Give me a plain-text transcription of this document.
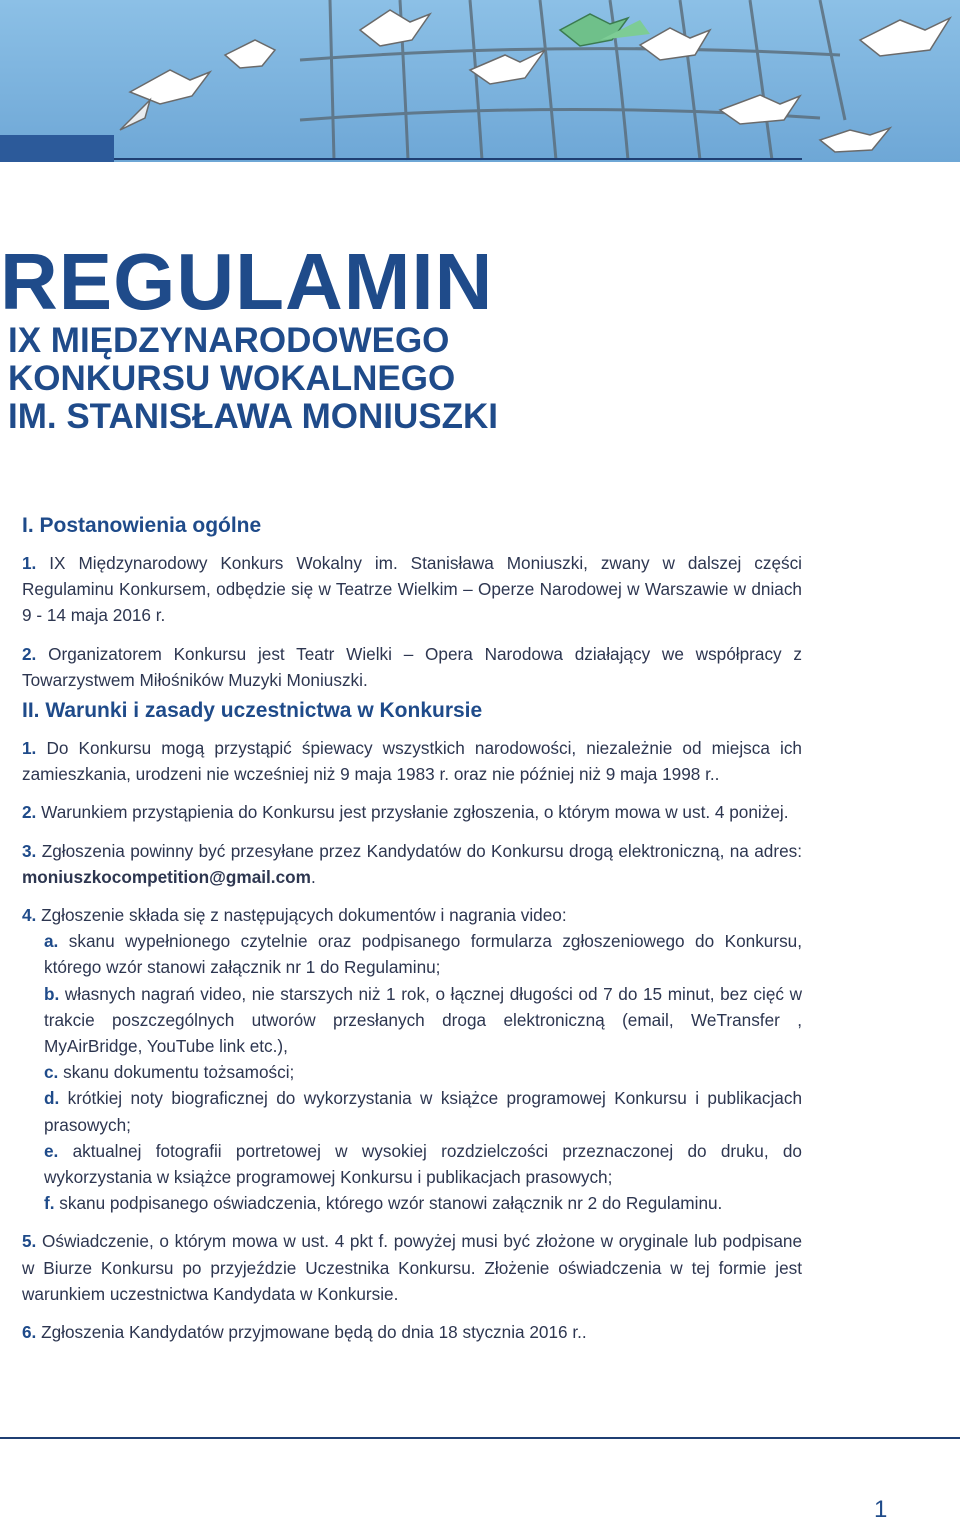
REGULAMIN
IX MIĘDZYNARODOWEGO
KONKURSU WOKALNEGO
IM. STANISŁAWA MONIUSZKI
I. Postanowienia ogólne

1. IX Międzynarodowy Konkurs Wokalny im. Stanisława Moniuszki, zwany w dalszej części Regulaminu Konkursem, odbędzie się w Teatrze Wielkim – Operze Narodowej w Warszawie w dniach 9 - 14 maja 2016 r.

2. Organizatorem Konkursu jest Teatr Wielki – Opera Narodowa działający we współpracy z Towarzystwem Miłośników Muzyki Moniuszki.

II. Warunki i zasady uczestnictwa w Konkursie

1. Do Konkursu mogą przystąpić śpiewacy wszystkich narodowości, niezależnie od miejsca ich zamieszkania, urodzeni nie wcześniej niż 9 maja 1983 r. oraz nie później niż 9 maja 1998 r..

2. Warunkiem przystąpienia do Konkursu jest przysłanie zgłoszenia, o którym mowa w ust. 4 poniżej.

3. Zgłoszenia powinny być przesyłane przez Kandydatów do Konkursu drogą elektroniczną, na adres: moniuszkocompetition@gmail.com.

4. Zgłoszenie składa się z następujących dokumentów i nagrania video:

a. skanu wypełnionego czytelnie oraz podpisanego formularza zgłoszeniowego do Konkursu, którego wzór stanowi załącznik nr 1 do Regulaminu;

b. własnych nagrań video, nie starszych niż 1 rok, o łącznej długości od 7 do 15 minut, bez cięć w trakcie poszczególnych utworów przesłanych droga elektroniczną (email, WeTransfer , MyAirBridge, YouTube link etc.),

c. skanu dokumentu tożsamości;

d. krótkiej noty biograficznej do wykorzystania w książce programowej Konkursu i publikacjach prasowych;

e. aktualnej fotografii portretowej w wysokiej rozdzielczości przeznaczonej do druku, do wykorzystania w książce programowej Konkursu i publikacjach prasowych;

f. skanu podpisanego oświadczenia, którego wzór stanowi załącznik nr 2 do Regulaminu.

5. Oświadczenie, o którym mowa w ust. 4 pkt f. powyżej musi być złożone w oryginale lub podpisane w Biurze Konkursu po przyjeździe Uczestnika Konkursu. Złożenie oświadczenia w tej formie jest warunkiem uczestnictwa Kandydata w Konkursie.

6. Zgłoszenia Kandydatów przyjmowane będą do dnia 18 stycznia 2016 r..

1
